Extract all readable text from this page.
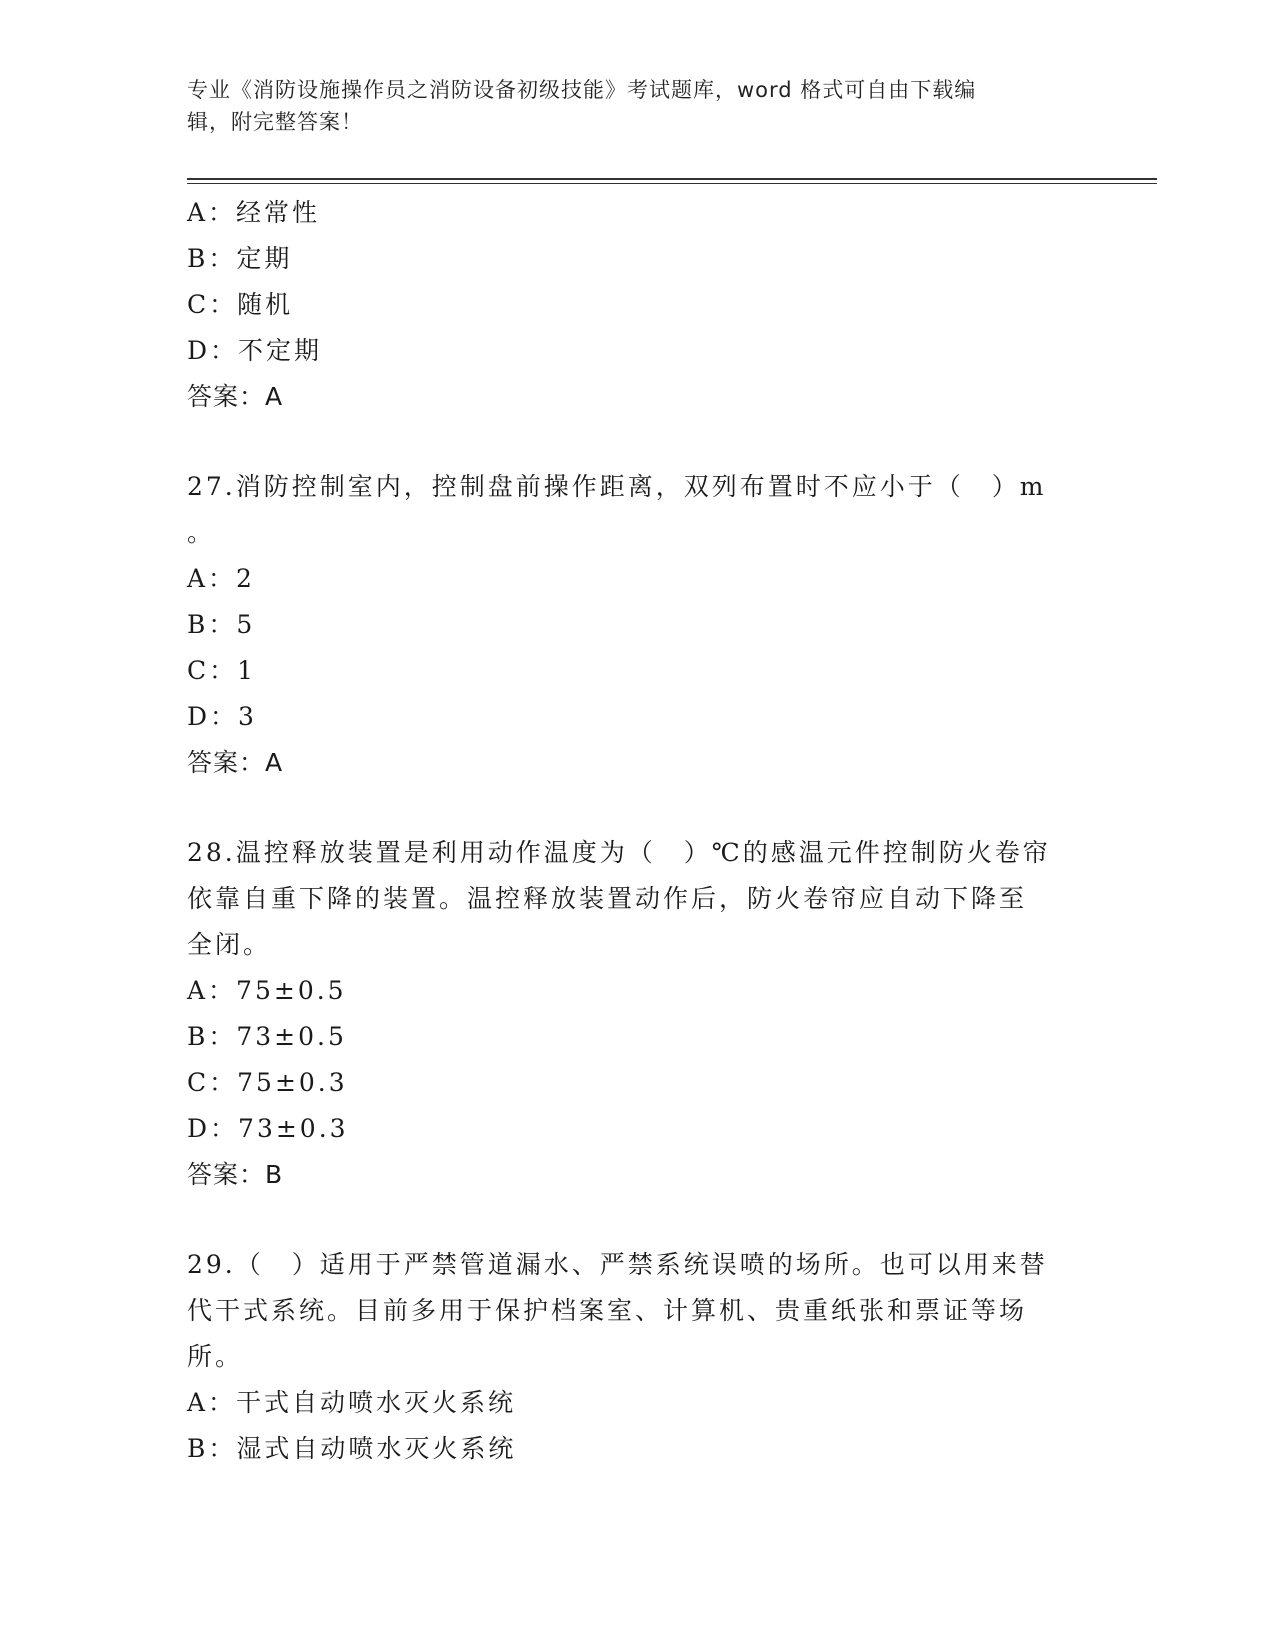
专业《消防设施操作员之消防设备初级技能》考试题库，word 格式可自由下载编
辑，附完整答案！
A：经常性
B：定期
C：随机
D：不定期
答案：A
27.消防控制室内，控制盘前操作距离，双列布置时不应小于（　）m
。
A：2
B：5
C：1
D：3
答案：A
28.温控释放装置是利用动作温度为（　）℃的感温元件控制防火卷帘
依靠自重下降的装置。温控释放装置动作后，防火卷帘应自动下降至
全闭。
A：75±0.5
B：73±0.5
C：75±0.3
D：73±0.3
答案：B
29.（　）适用于严禁管道漏水、严禁系统误喷的场所。也可以用来替
代干式系统。目前多用于保护档案室、计算机、贵重纸张和票证等场
所。
A：干式自动喷水灭火系统
B：湿式自动喷水灭火系统
